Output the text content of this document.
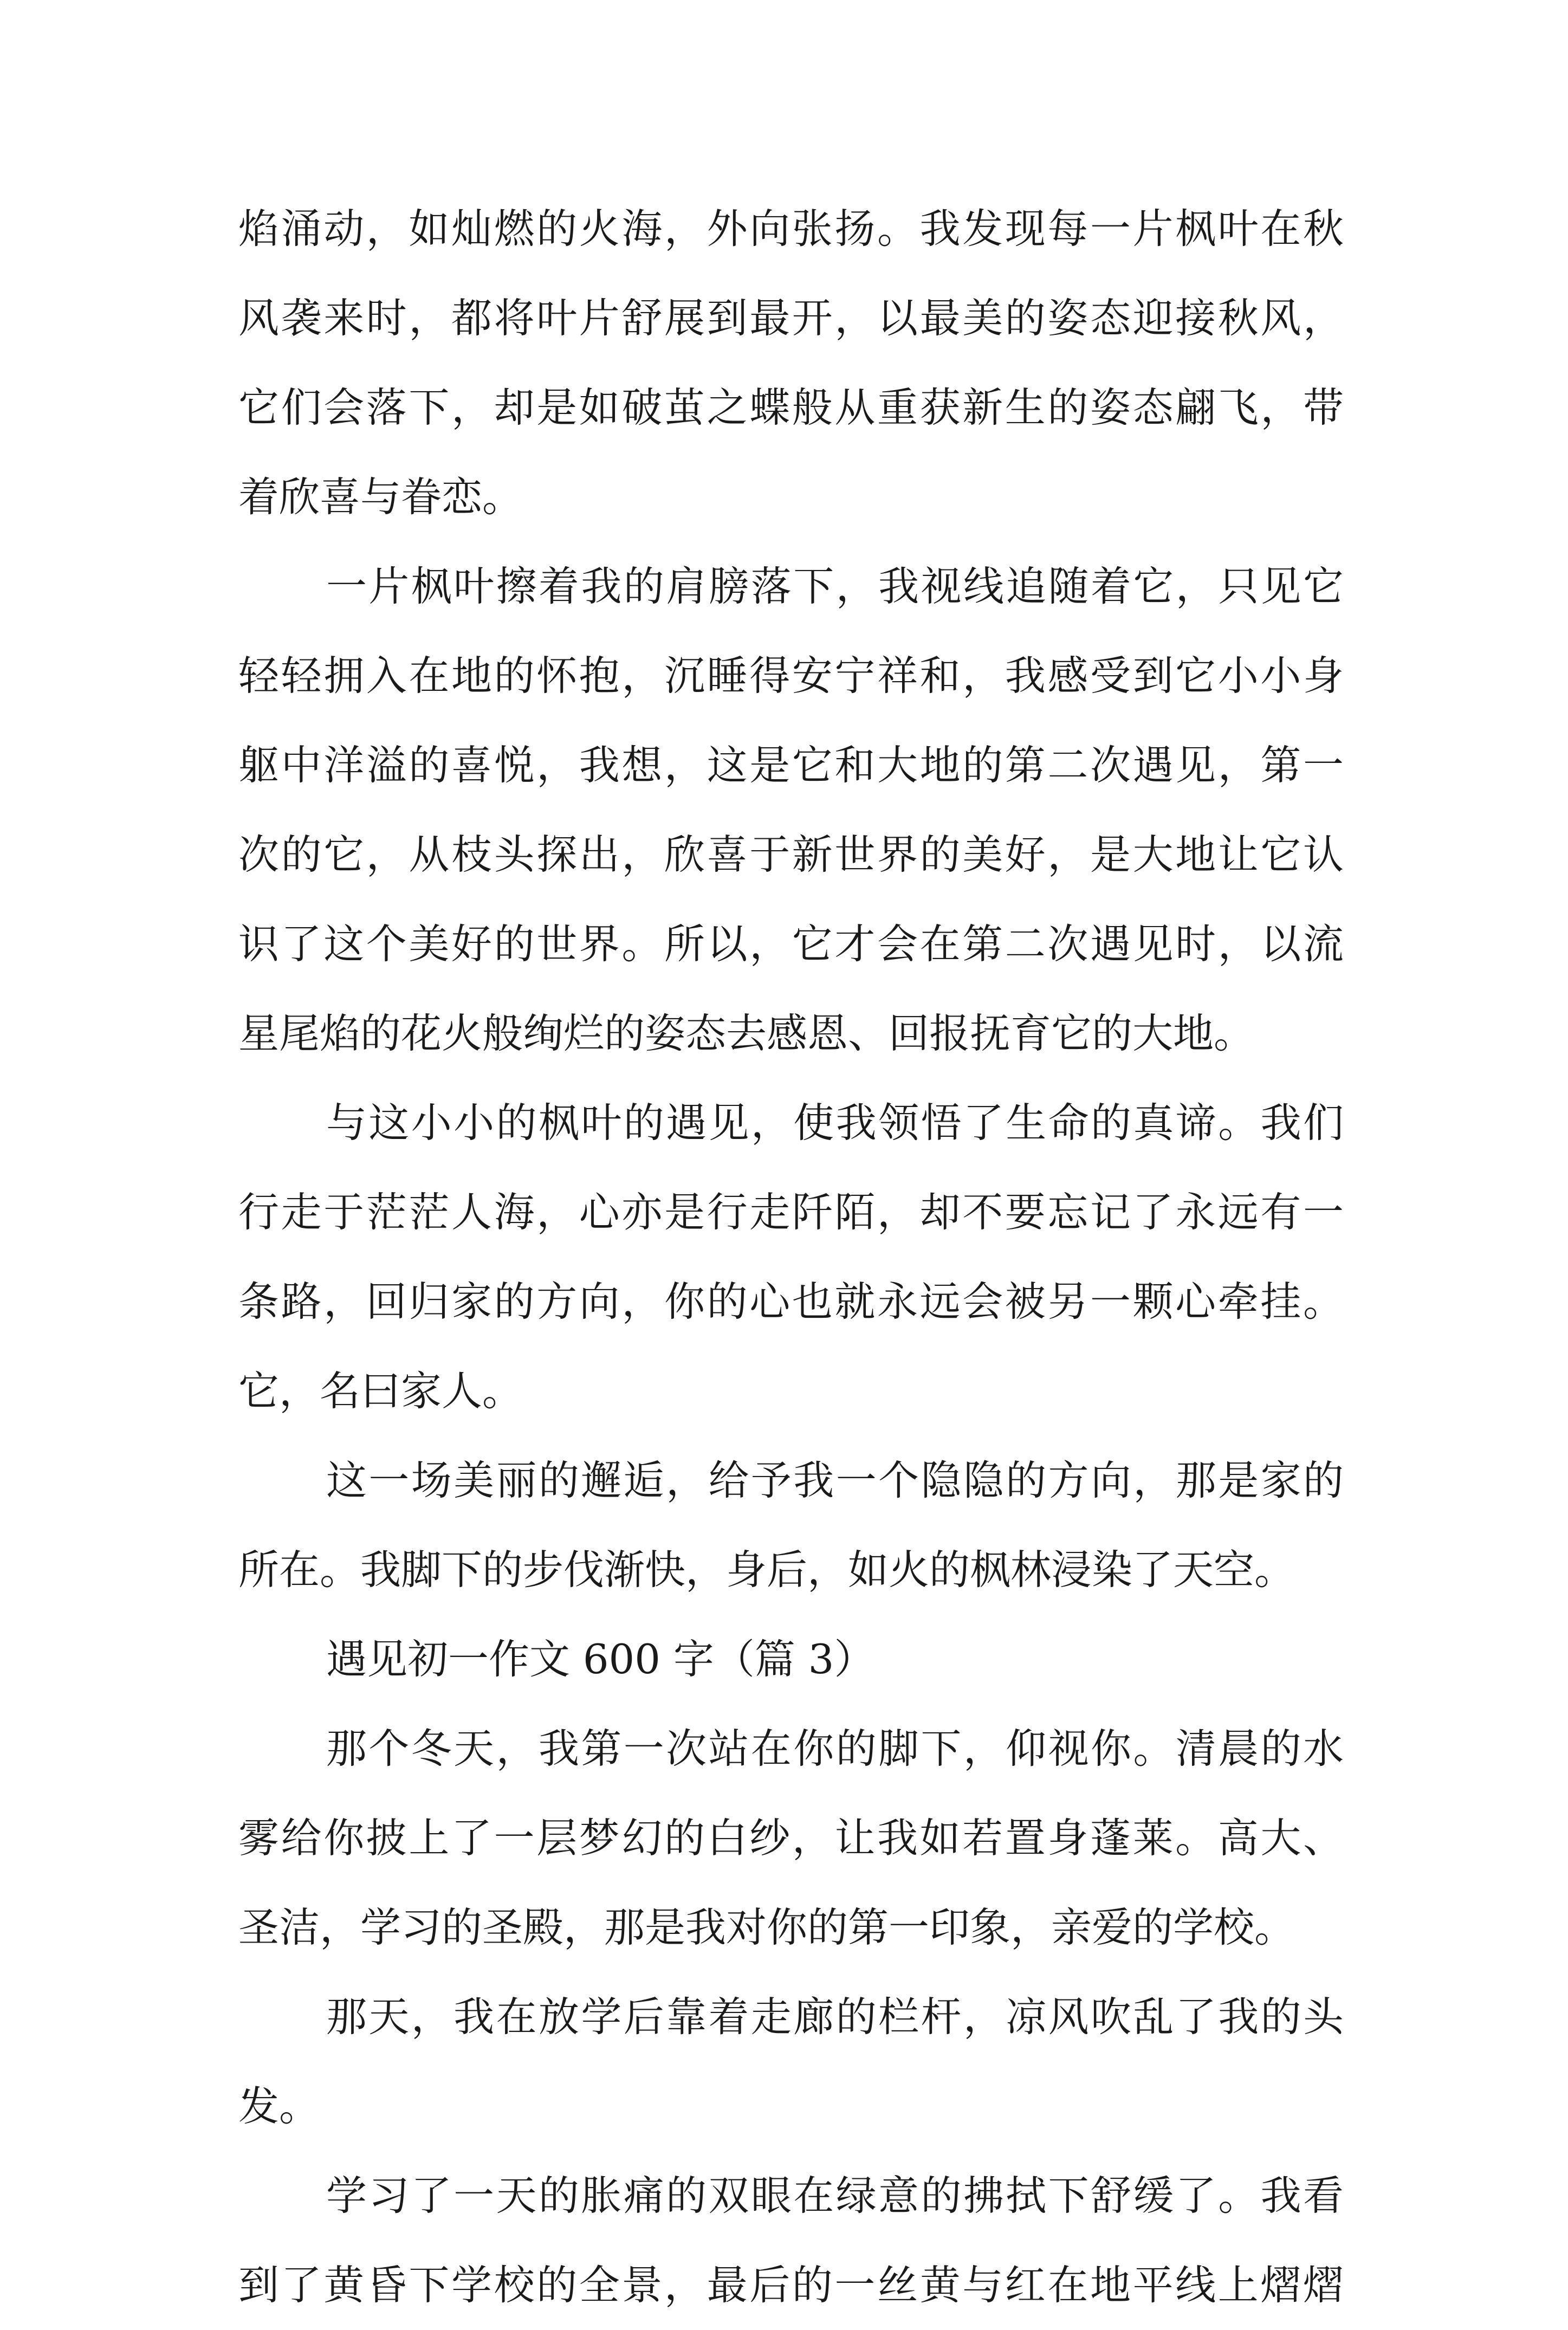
焰涌动，如灿燃的火海，外向张扬。我发现每一片枫叶在秋
风袭来时，都将叶片舒展到最开，以最美的姿态迎接秋风，
它们会落下，却是如破茧之蝶般从重获新生的姿态翩飞，带
着欣喜与眷恋。
一片枫叶擦着我的肩膀落下，我视线追随着它，只见它
轻轻拥入在地的怀抱，沉睡得安宁祥和，我感受到它小小身
躯中洋溢的喜悦，我想，这是它和大地的第二次遇见，第一
次的它，从枝头探出，欣喜于新世界的美好，是大地让它认
识了这个美好的世界。所以，它才会在第二次遇见时，以流
星尾焰的花火般绚烂的姿态去感恩、回报抚育它的大地。
与这小小的枫叶的遇见，使我领悟了生命的真谛。我们
行走于茫茫人海，心亦是行走阡陌，却不要忘记了永远有一
条路，回归家的方向，你的心也就永远会被另一颗心牵挂。
它，名曰家人。
这一场美丽的邂逅，给予我一个隐隐的方向，那是家的
所在。我脚下的步伐渐快，身后，如火的枫林浸染了天空。
遇见初一作文 600 字（篇 3）
那个冬天，我第一次站在你的脚下，仰视你。清晨的水
雾给你披上了一层梦幻的白纱，让我如若置身蓬莱。高大、
圣洁，学习的圣殿，那是我对你的第一印象，亲爱的学校。
那天，我在放学后靠着走廊的栏杆，凉风吹乱了我的头
发。
学习了一天的胀痛的双眼在绿意的拂拭下舒缓了。我看
到了黄昏下学校的全景，最后的一丝黄与红在地平线上熠熠
